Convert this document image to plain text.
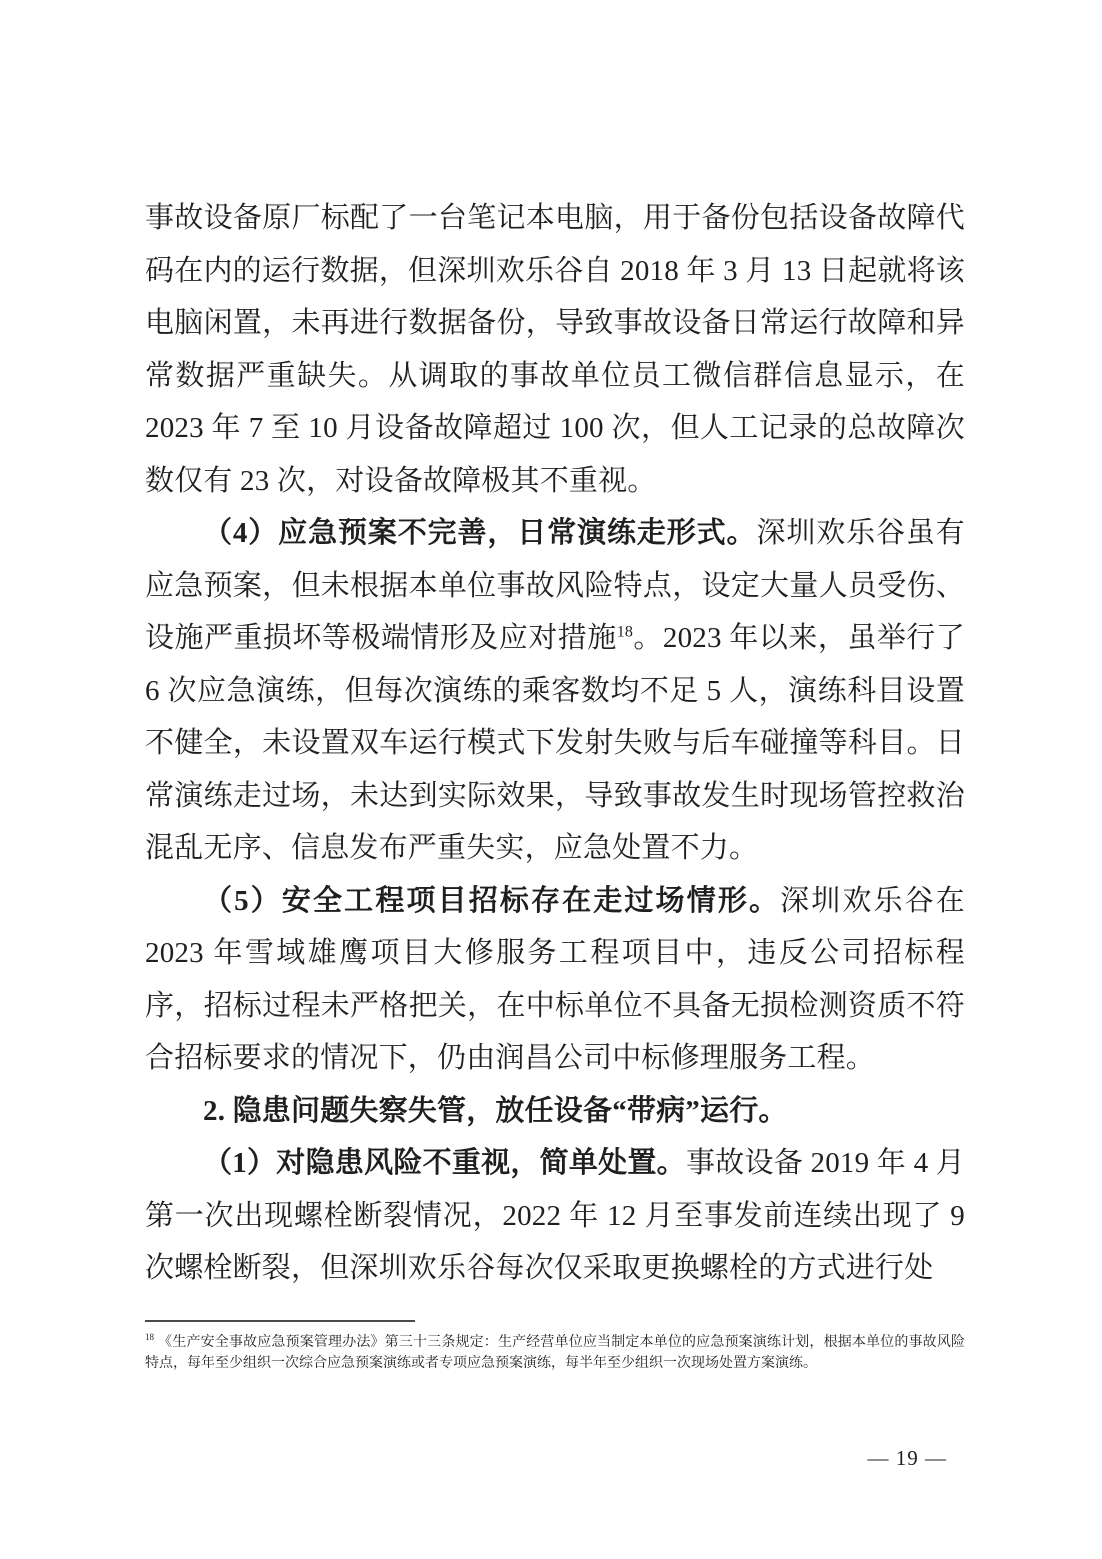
事故设备原厂标配了一台笔记本电脑，用于备份包括设备故障代码在内的运行数据，但深圳欢乐谷自 2018 年 3 月 13 日起就将该电脑闲置，未再进行数据备份，导致事故设备日常运行故障和异常数据严重缺失。从调取的事故单位员工微信群信息显示，在 2023 年 7 至 10 月设备故障超过 100 次，但人工记录的总故障次数仅有 23 次，对设备故障极其不重视。

（4）应急预案不完善，日常演练走形式。深圳欢乐谷虽有应急预案，但未根据本单位事故风险特点，设定大量人员受伤、设施严重损坏等极端情形及应对措施$^{18}$。2023 年以来，虽举行了 6 次应急演练，但每次演练的乘客数均不足 5 人，演练科目设置不健全，未设置双车运行模式下发射失败与后车碰撞等科目。日常演练走过场，未达到实际效果，导致事故发生时现场管控救治混乱无序、信息发布严重失实，应急处置不力。

（5）安全工程项目招标存在走过场情形。深圳欢乐谷在 2023 年雪域雄鹰项目大修服务工程项目中，违反公司招标程序，招标过程未严格把关，在中标单位不具备无损检测资质不符合招标要求的情况下，仍由润昌公司中标修理服务工程。

2. 隐患问题失察失管，放任设备“带病”运行。

（1）对隐患风险不重视，简单处置。事故设备 2019 年 4 月第一次出现螺栓断裂情况，2022 年 12 月至事发前连续出现了 9 次螺栓断裂，但深圳欢乐谷每次仅采取更换螺栓的方式进行处

$^{18}$ 《生产安全事故应急预案管理办法》第三十三条规定：生产经营单位应当制定本单位的应急预案演练计划，根据本单位的事故风险特点，每年至少组织一次综合应急预案演练或者专项应急预案演练，每半年至少组织一次现场处置方案演练。

— 19 —
